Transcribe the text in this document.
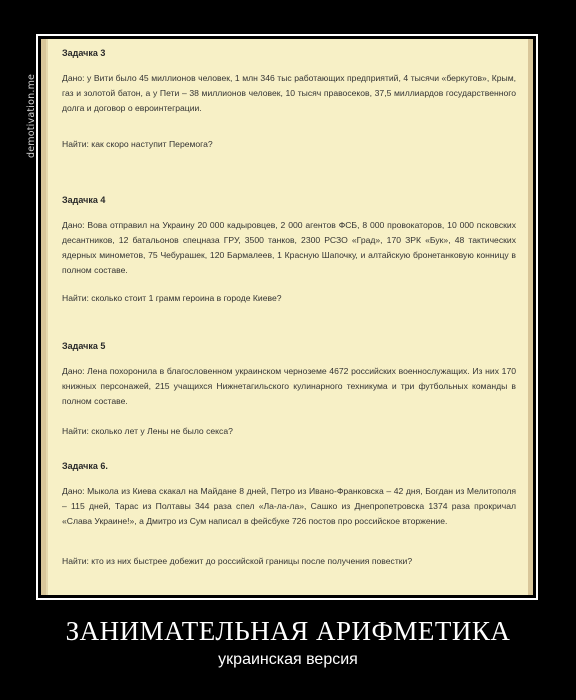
Задачка 3

Дано: у Вити было 45 миллионов человек, 1 млн 346 тыс работающих предприятий, 4 тысячи «беркутов», Крым, газ и золотой батон, а у Пети – 38 миллионов человек, 10 тысяч правосеков, 37,5 миллиардов государственного долга и договор о евроинтеграции.

Найти: как скоро наступит Перемога?

Задачка 4

Дано: Вова отправил на Украину 20 000 кадыровцев, 2 000 агентов ФСБ, 8 000 провокаторов, 10 000 псковских десантников, 12 батальонов спецназа ГРУ, 3500 танков, 2300 РСЗО «Град», 170 ЗРК «Бук», 48 тактических ядерных минометов, 75 Чебурашек, 120 Бармалеев, 1 Красную Шапочку, и алтайскую бронетанковую конницу в полном составе.

Найти: сколько стоит 1 грамм героина в городе Киеве?

Задачка 5

Дано: Лена похоронила в благословенном украинском черноземе 4672 российских военнослужащих. Из них 170 книжных персонажей, 215 учащихся Нижнетагильского кулинарного техникума и три футбольных команды в полном составе.

Найти: сколько лет у Лены не было секса?

Задачка 6.

Дано: Мыкола из Киева скакал на Майдане 8 дней, Петро из Ивано-Франковска – 42 дня, Богдан из Мелитополя – 115 дней, Тарас из Полтавы 344 раза спел «Ла-ла-ла», Сашко из Днепропетровска 1374 раза прокричал «Слава Украине!», а Дмитро из Сум написал в фейсбуке 726 постов про российское вторжение.

Найти: кто из них быстрее добежит до российской границы после получения повестки?

demotivation.me
ЗАНИМАТЕЛЬНАЯ АРИФМЕТИКА
украинская версия
